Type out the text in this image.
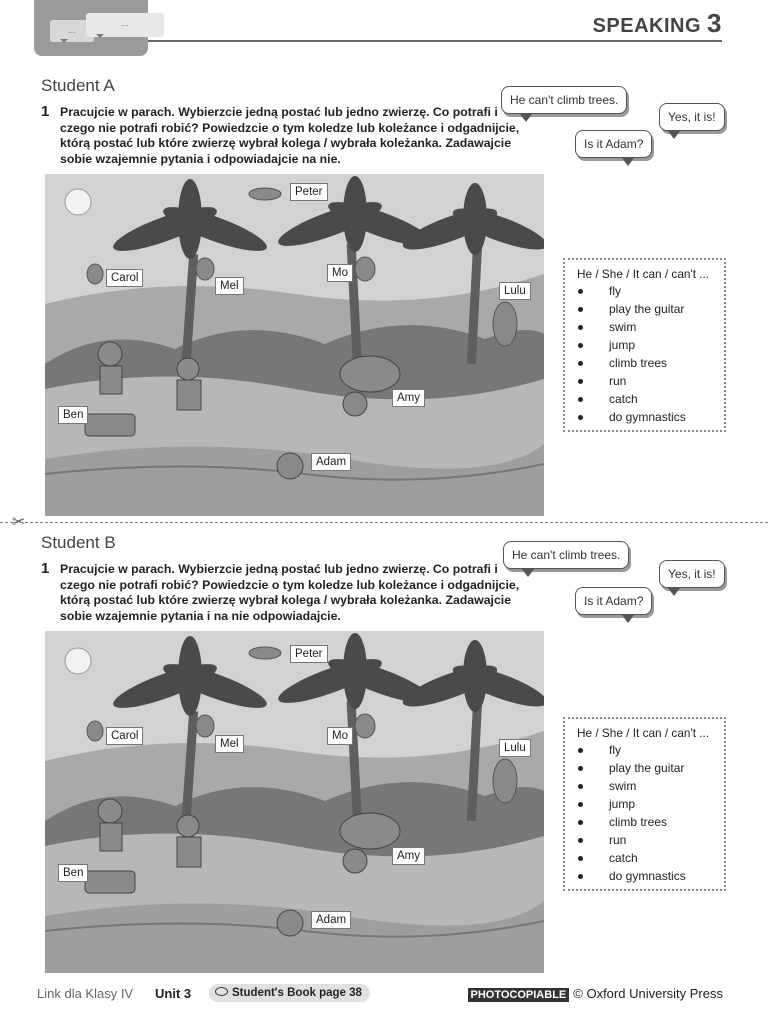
...
...	SPEAKING 3
Student A
1 Pracujcie w parach. Wybierzcie jedną postać lub jedno zwierzę. Co potrafi i czego nie potrafi robić? Powiedzcie o tym koledze lub koleżance i odgadnijcie, którą postać lub które zwierzę wybrał kolega / wybrała koleżanka. Zadawajcie sobie wzajemnie pytania i odpowiadajcie na nie.
He can't climb trees.
Yes, it is!
Is it Adam?
Peter
Carol
Mel
Mo
Lulu
Ben
Amy
Adam
He / She / It can / can't ...
fly
play the guitar
swim
jump
climb trees
run
catch
do gymnastics
✂
Student B
1 Pracujcie w parach. Wybierzcie jedną postać lub jedno zwierzę. Co potrafi i czego nie potrafi robić? Powiedzcie o tym koledze lub koleżance i odgadnijcie, którą postać lub które zwierzę wybrał kolega / wybrała koleżanka. Zadawajcie sobie wzajemnie pytania i na nie odpowiadajcie.
He can't climb trees.
Yes, it is!
Is it Adam?
Peter
Carol
Mel
Mo
Lulu
Ben
Amy
Adam
He / She / It can / can't ...
fly
play the guitar
swim
jump
climb trees
run
catch
do gymnastics
Link dla Klasy IV Unit 3	Student's Book page 38	PHOTOCOPIABLE © Oxford University Press
